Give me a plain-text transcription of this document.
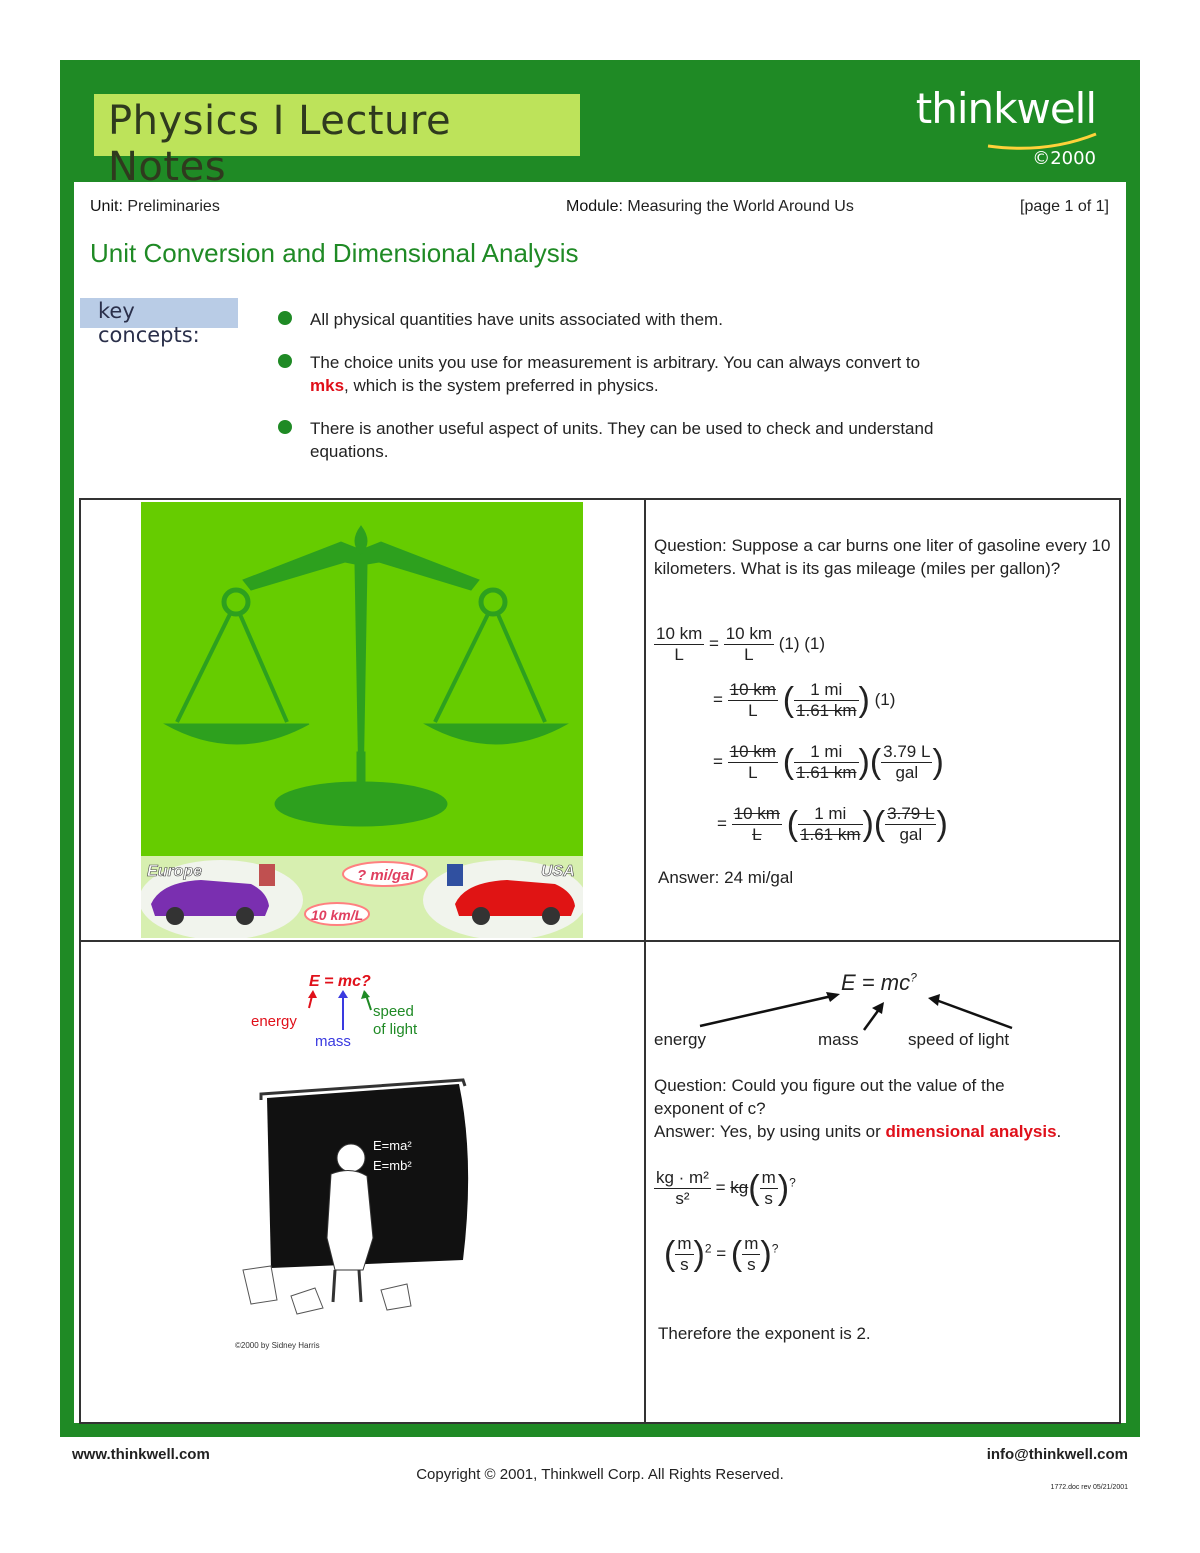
Physics I Lecture Notes
thinkwell
©2000
Unit: Preliminaries	Module: Measuring the World Around Us	[page 1 of 1]
Unit Conversion and Dimensional Analysis
key concepts:
All physical quantities have units associated with them.
The choice units you use for measurement is arbitrary. You can always convert to
mks, which is the system preferred in physics.
There is another useful aspect of units. They can be used to check and understand equations.
Europe	USA
? mi/gal
10 km/L
Question: Suppose a car burns one liter of gasoline every 10 kilometers. What is its gas mileage (miles per gallon)?
$\frac{10 km}{L} = \frac{10 km}{L} (1)$ (1)
= $\frac{10 km}{L}$ ( $\frac{1 mi}{1.61 km}$ ) (1)
= $\frac{10 km}{L}$ ( $\frac{1 mi}{1.61 km}$ )( $\frac{3.79 L}{\text{gal}}$ )
= $\frac{10 km}{L}$ ( $\frac{1 mi}{1.61 km}$ )( $\frac{3.79 L}{\text{gal}}$ )
Answer: 24 mi/gal
E = mc?
energy
mass
speed
of light
E=ma²
E=mb²
©2000 by Sidney Harris
E = mc?
energy	mass	speed of light
Question: Could you figure out the value of the exponent of c?
Answer: Yes, by using units or dimensional analysis.
$\frac{\text{kg · m²}}{\text{s²}} = kg( \frac{m}{s} )^?$
( $\frac{m}{s} )^2$ = ( $\frac{m}{s} )^?$
Therefore the exponent is 2.
www.thinkwell.com	info@thinkwell.com
Copyright © 2001, Thinkwell Corp. All Rights Reserved.
1772.doc rev 05/21/2001
